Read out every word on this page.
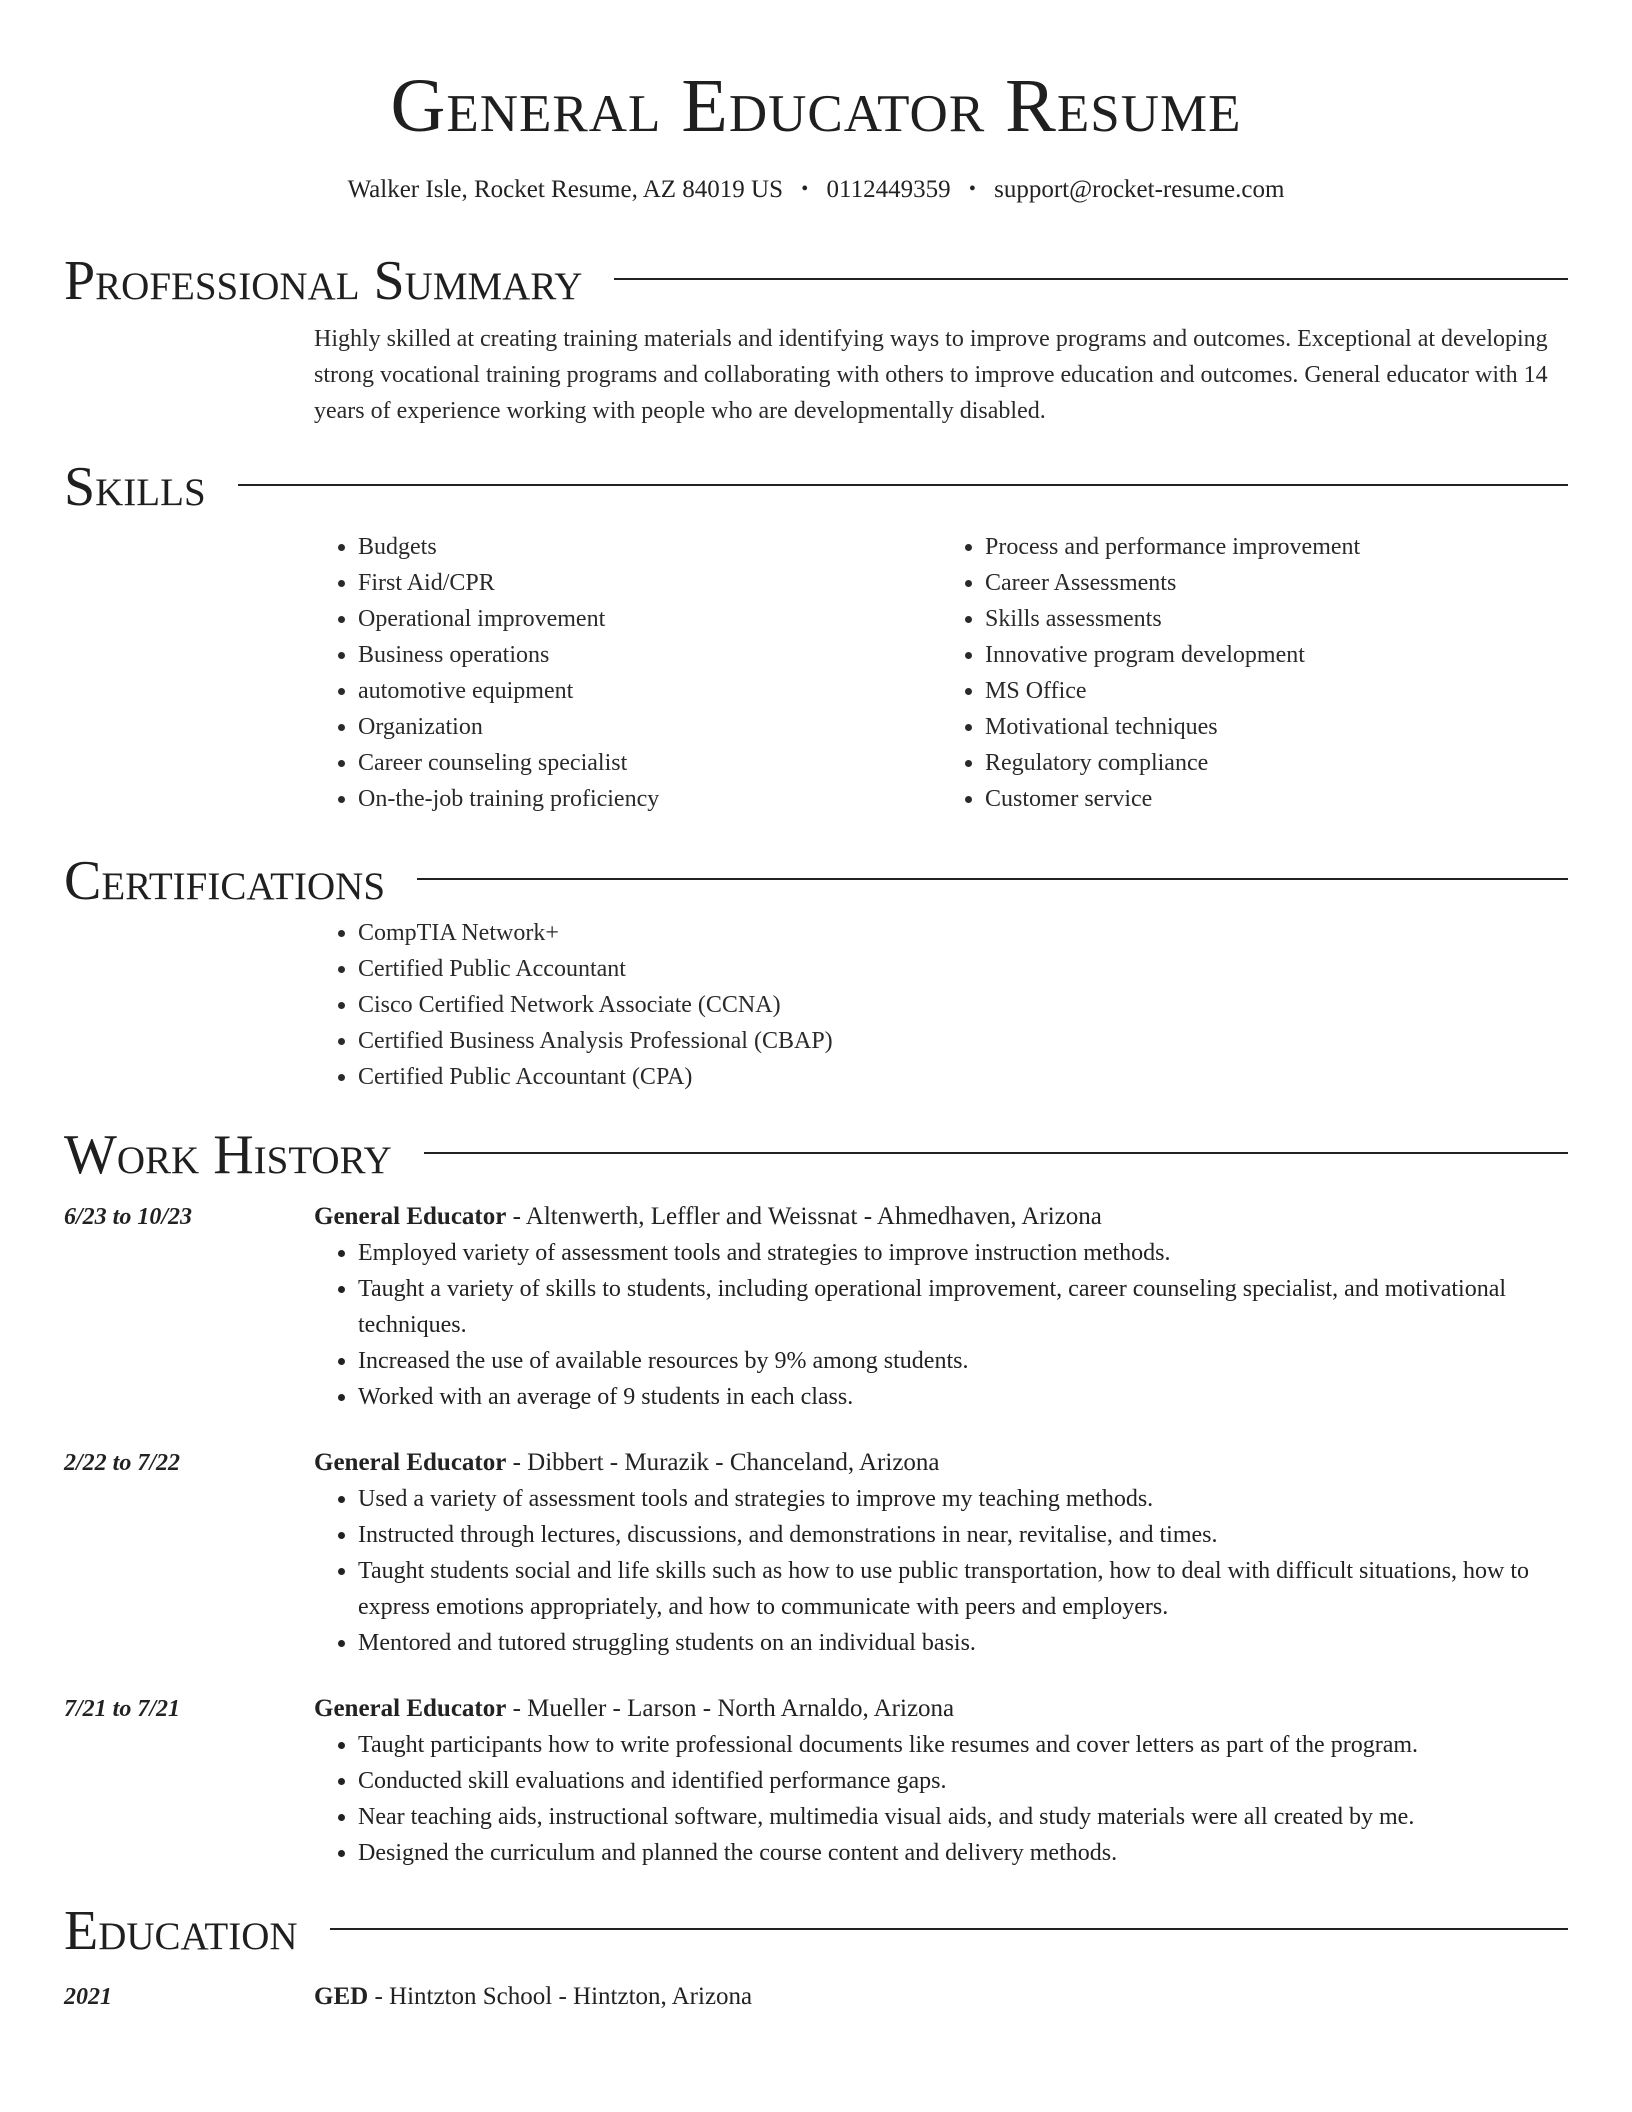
General Educator Resume
Walker Isle, Rocket Resume, AZ 84019 US • 0112449359 • support@rocket-resume.com
Professional Summary

Highly skilled at creating training materials and identifying ways to improve programs and outcomes. Exceptional at developing strong vocational training programs and collaborating with others to improve education and outcomes. General educator with 14 years of experience working with people who are developmentally disabled.

Skills
• Budgets
• First Aid/CPR
• Operational improvement
• Business operations
• automotive equipment
• Organization
• Career counseling specialist
• On-the-job training proficiency
• Process and performance improvement
• Career Assessments
• Skills assessments
• Innovative program development
• MS Office
• Motivational techniques
• Regulatory compliance
• Customer service
Certifications
• CompTIA Network+
• Certified Public Accountant
• Cisco Certified Network Associate (CCNA)
• Certified Business Analysis Professional (CBAP)
• Certified Public Accountant (CPA)
Work History
6/23 to 10/23	General Educator - Altenwerth, Leffler and Weissnat - Ahmedhaven, Arizona
• Employed variety of assessment tools and strategies to improve instruction methods.
• Taught a variety of skills to students, including operational improvement, career counseling specialist, and motivational techniques.
• Increased the use of available resources by 9% among students.
• Worked with an average of 9 students in each class.
2/22 to 7/22	General Educator - Dibbert - Murazik - Chanceland, Arizona
• Used a variety of assessment tools and strategies to improve my teaching methods.
• Instructed through lectures, discussions, and demonstrations in near, revitalise, and times.
• Taught students social and life skills such as how to use public transportation, how to deal with difficult situations, how to express emotions appropriately, and how to communicate with peers and employers.
• Mentored and tutored struggling students on an individual basis.
7/21 to 7/21	General Educator - Mueller - Larson - North Arnaldo, Arizona
• Taught participants how to write professional documents like resumes and cover letters as part of the program.
• Conducted skill evaluations and identified performance gaps.
• Near teaching aids, instructional software, multimedia visual aids, and study materials were all created by me.
• Designed the curriculum and planned the course content and delivery methods.
Education
2021	GED - Hintzton School - Hintzton, Arizona
